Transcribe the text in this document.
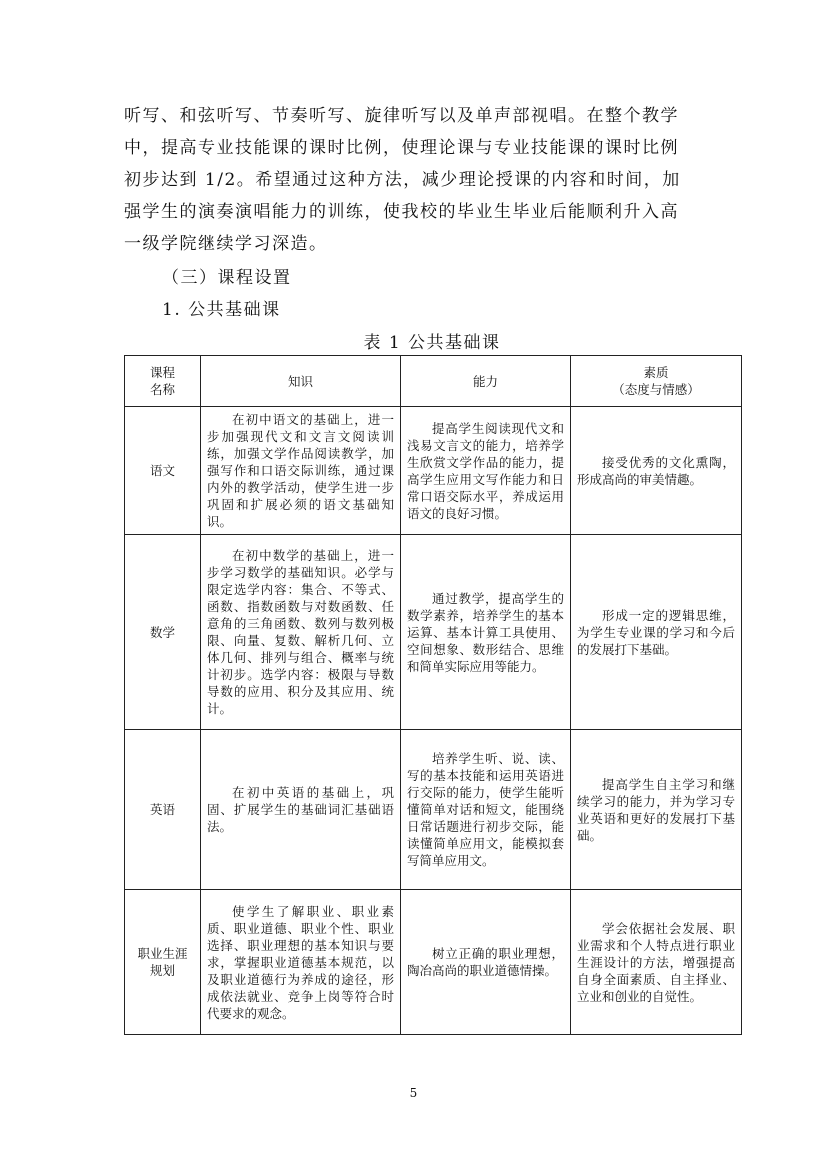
听写、和弦听写、节奏听写、旋律听写以及单声部视唱。在整个教学

中，提高专业技能课的课时比例，使理论课与专业技能课的课时比例

初步达到 1/2。希望通过这种方法，减少理论授课的内容和时间，加

强学生的演奏演唱能力的训练，使我校的毕业生毕业后能顺利升入高

一级学院继续学习深造。

（三）课程设置

1. 公共基础课

表 1 公共基础课
课程名称	知识	能力	素质
（态度与情感）

语文	在初中语文的基础上，进一步加强现代文和文言文阅读训练，加强文学作品阅读教学，加强写作和口语交际训练，通过课内外的教学活动，使学生进一步巩固和扩展必须的语文基础知识。	提高学生阅读现代文和浅易文言文的能力，培养学生欣赏文学作品的能力，提高学生应用文写作能力和日常口语交际水平，养成运用语文的良好习惯。	接受优秀的文化熏陶，形成高尚的审美情趣。
数学	在初中数学的基础上，进一步学习数学的基础知识。必学与限定选学内容：集合、不等式、函数、指数函数与对数函数、任意角的三角函数、数列与数列极限、向量、复数、解析几何、立体几何、排列与组合、概率与统计初步。选学内容：极限与导数导数的应用、积分及其应用、统计。	通过教学，提高学生的数学素养，培养学生的基本运算、基本计算工具使用、空间想象、数形结合、思维和简单实际应用等能力。	形成一定的逻辑思维，为学生专业课的学习和今后的发展打下基础。
英语	在初中英语的基础上，巩固、扩展学生的基础词汇基础语法。	培养学生听、说、读、写的基本技能和运用英语进行交际的能力，使学生能听懂简单对话和短文，能围绕日常话题进行初步交际，能读懂简单应用文，能模拟套写简单应用文。	提高学生自主学习和继续学习的能力，并为学习专业英语和更好的发展打下基础。
职业生涯规划	使学生了解职业、职业素质、职业道德、职业个性、职业选择、职业理想的基本知识与要求，掌握职业道德基本规范，以及职业道德行为养成的途径，形成依法就业、竞争上岗等符合时代要求的观念。	树立正确的职业理想，陶冶高尚的职业道德情操。	学会依据社会发展、职业需求和个人特点进行职业生涯设计的方法，增强提高自身全面素质、自主择业、立业和创业的自觉性。
5
